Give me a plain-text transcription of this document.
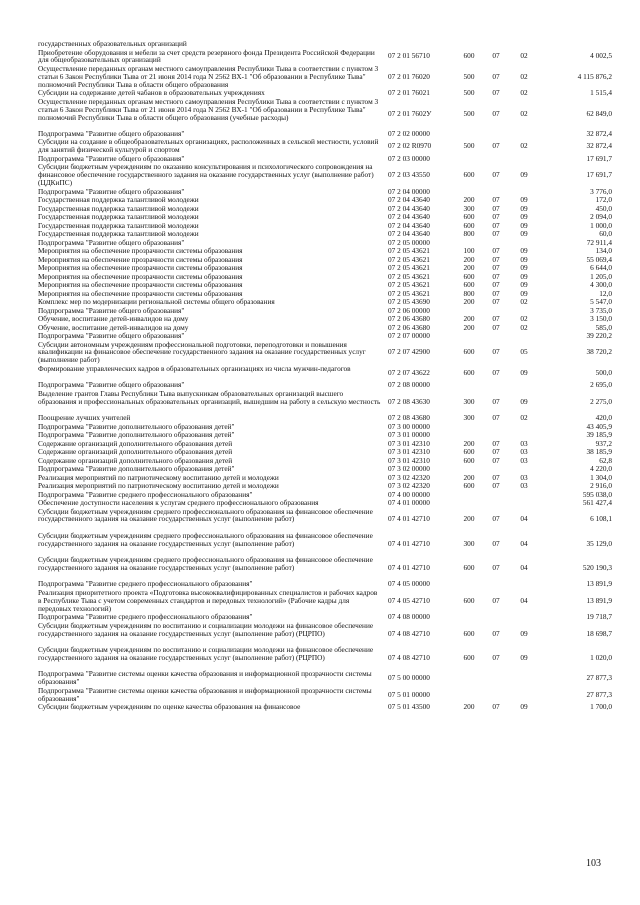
государственных образовательных организаций
Приобретение оборудования и мебели за счет средств резервного фонда Президента Российской Федерации для общеобразовательных организаций	07 2 01 56710	600	07	02	4 002,5
Осуществление переданных органам местного самоуправления Республики Тыва в соответствии с пунктом 3 статьи 6 Закон Республики Тыва от 21 июня 2014 года N 2562 ВХ-1 "Об образовании в Республике Тыва" полномочий Республики Тыва в области общего образования
07 2 01 76020	500	07	02	4 115 876,2
Субсидии на содержание детей чабанов в образовательных учреждениях	07 2 01 76021	500	07	02	1 515,4
Осуществление переданных органам местного самоуправления Республики Тыва в соответствии с пунктом 3 статьи 6 Закон Республики Тыва от 21 июня 2014 года N 2562 ВХ-1 "Об образовании в Республике Тыва" полномочий Республики Тыва в области общего образования (учебные расходы)	07 2 01 7602У	500	07	02	62 849,0
Подпрограмма "Развитие общего образования"	07 2 02 00000	32 872,4
Субсидии на создание в общеобразовательных организациях, расположенных в сельской местности, условий для занятий физической культурой и спортом	07 2 02 R0970	500	07	02	32 872,4
Подпрограмма "Развитие общего образования"	07 2 03 00000	17 691,7
Субсидии бюджетным учреждениям по оказанию консультирования и психологического сопровождения на финансовое обеспечение государственного задания на оказание государственных услуг (выполнение работ) (ЦДКиПС)
07 2 03 43550	600	07	09	17 691,7
Подпрограмма "Развитие общего образования"	07 2 04 00000	3 776,0
Государственная поддержка талантливой молодежи	07 2 04 43640	200	07	09	172,0
Государственная поддержка талантливой молодежи	07 2 04 43640	300	07	09	450,0
Государственная поддержка талантливой молодежи	07 2 04 43640	600	07	09	2 094,0
Государственная поддержка талантливой молодежи	07 2 04 43640	600	07	09	1 000,0
Государственная поддержка талантливой молодежи	07 2 04 43640	800	07	09	60,0
Подпрограмма "Развитие общего образования"	07 2 05 00000	72 911,4
Мероприятия на обеспечение прозрачности системы образования	07 2 05 43621	100	07	09	134,0
Мероприятия на обеспечение прозрачности системы образования	07 2 05 43621	200	07	09	55 069,4
Мероприятия на обеспечение прозрачности системы образования	07 2 05 43621	200	07	09	6 644,0
Мероприятия на обеспечение прозрачности системы образования	07 2 05 43621	600	07	09	1 205,0
Мероприятия на обеспечение прозрачности системы образования	07 2 05 43621	600	07	09	4 300,0
Мероприятия на обеспечение прозрачности системы образования	07 2 05 43621	800	07	09	12,0
Комплекс мер по модернизации региональной системы общего образования	07 2 05 43690	200	07	02	5 547,0
Подпрограмма "Развитие общего образования"	07 2 06 00000	3 735,0
Обучение, воспитание детей-инвалидов на дому	07 2 06 43680	200	07	02	3 150,0
Обучение, воспитание детей-инвалидов на дому	07 2 06 43680	200	07	02	585,0
Подпрограмма "Развитие общего образования"	07 2 07 00000	39 220,2
Субсидии автономным учреждениям профессиональной подготовки, переподготовки и повышения квалификации на финансовое обеспечение государственного задания на оказание государственных услуг (выполнение работ)
07 2 07 42900	600	07	05	38 720,2
Формирование управленческих кадров в образовательных организациях из числа мужчин-педагогов	07 2 07 43622	600	07	09	500,0
Подпрограмма "Развитие общего образования"	07 2 08 00000	2 695,0
Выделение грантов Главы Республики Тыва выпускникам образовательных организаций высшего образования и профессиональных образовательных организаций, вышедшим на работу в сельскую местность 07 2 08 43630	300	07	09	2 275,0
Поощрение лучших учителей	07 2 08 43680	300	07	02	420,0
Подпрограмма "Развитие дополнительного образования детей"	07 3 00 00000	43 405,9
Подпрограмма "Развитие дополнительного образования детей"	07 3 01 00000	39 185,9
Содержание организаций дополнительного образования детей	07 3 01 42310	200	07	03	937,2
Содержание организаций дополнительного образования детей	07 3 01 42310	600	07	03	38 185,9
Содержание организаций дополнительного образования детей	07 3 01 42310	600	07	03	62,8
Подпрограмма "Развитие дополнительного образования детей"	07 3 02 00000	4 220,0
Реализация мероприятий по патриотическому воспитанию детей и молодежи	07 3 02 42320	200	07	03	1 304,0
Реализация мероприятий по патриотическому воспитанию детей и молодежи	07 3 02 42320	600	07	03	2 916,0
Подпрограмма "Развитие среднего профессионального образования"	07 4 00 00000	595 038,0
Обеспечение доступности населения к услугам среднего профессионального образования	07 4 01 00000	561 427,4
Субсидии бюджетным учреждениям среднего профессионального образования на финансовое обеспечение государственного задания на оказание государственных услуг (выполнение работ)	07 4 01 42710	200	07	04	6 108,1
Субсидии бюджетным учреждениям среднего профессионального образования на финансовое обеспечение государственного задания на оказание государственных услуг (выполнение работ)	07 4 01 42710	300	07	04	35 129,0
Субсидии бюджетным учреждениям среднего профессионального образования на финансовое обеспечение государственного задания на оказание государственных услуг (выполнение работ)	07 4 01 42710	600	07	04	520 190,3
Подпрограмма "Развитие среднего профессионального образования"	07 4 05 00000	13 891,9
Реализация приоритетного проекта «Подготовка высококвалифицированных специалистов и рабочих кадров в Республике Тыва с учетом современных стандартов и передовых технологий» (Рабочие кадры для передовых технологий)
07 4 05 42710	600	07	04	13 891,9
Подпрограмма "Развитие среднего профессионального образования"	07 4 08 00000	19 718,7
Субсидии бюджетным учреждениям по воспитанию и социализации молодежи на финансовое обеспечение государственного задания на оказание государственных услуг (выполнение работ) (РЦРПО)	07 4 08 42710	600	07	09	18 698,7
Субсидии бюджетным учреждениям по воспитанию и социализации молодежи на финансовое обеспечение государственного задания на оказание государственных услуг (выполнение работ) (РЦРПО)	07 4 08 42710	600	07	09	1 020,0
Подпрограмма "Развитие системы оценки качества образования и информационной прозрачности системы образования"	07 5 00 00000	27 877,3
Подпрограмма "Развитие системы оценки качества образования и информационной прозрачности системы образования"	07 5 01 00000	27 877,3
Субсидии бюджетным учреждениям по оценке качества образования на финансовое	07 5 01 43500	200	07	09	1 700,0
103
